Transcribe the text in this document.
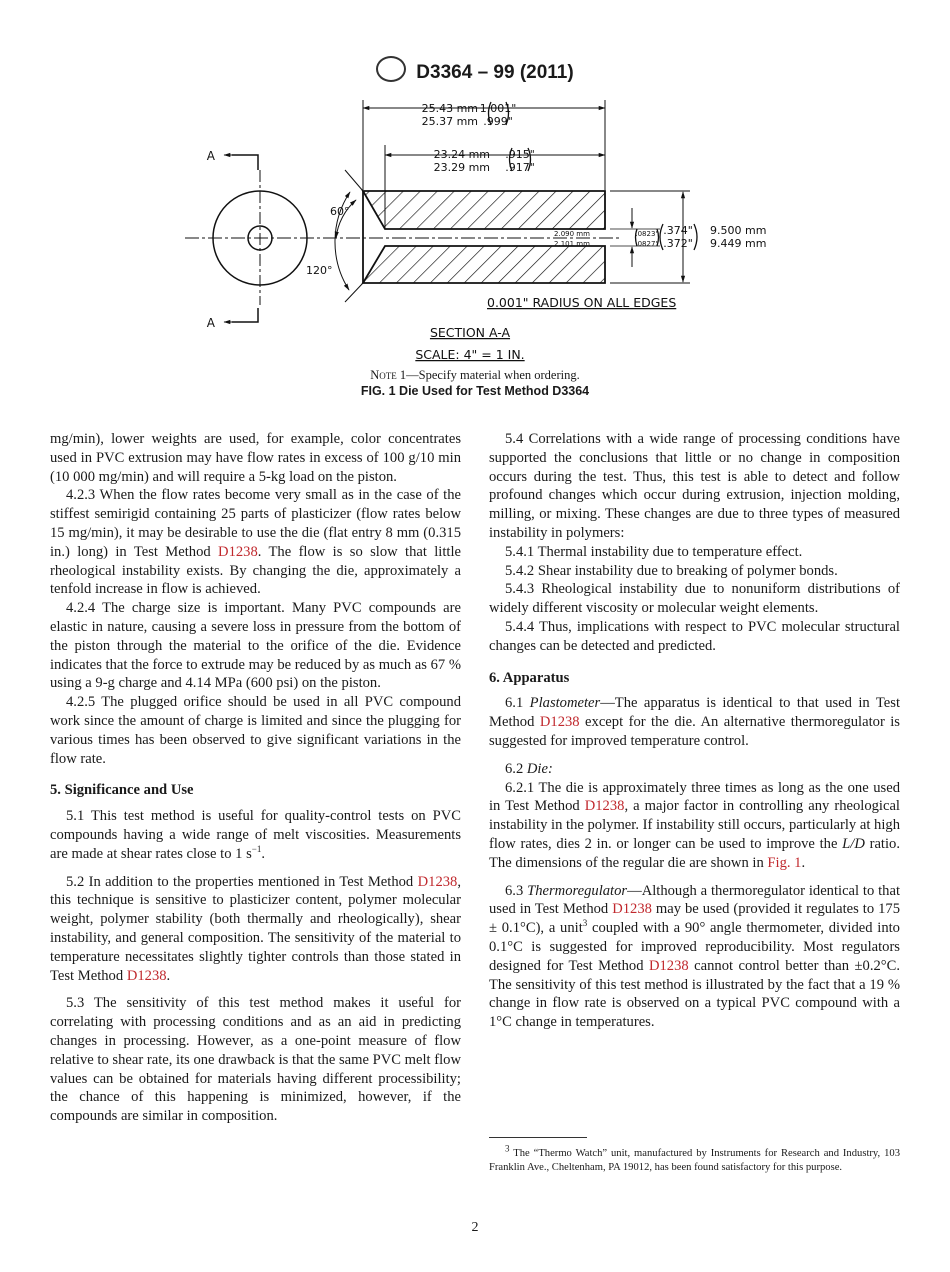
D3364 – 99 (2011)
A
A
25.43 mm
25.37 mm
1.001"
.999"
23.24 mm
23.29 mm
.915"
.917"
2.090 mm
2.101 mm
.0823"
.0827"
.374"
.372"
9.500 mm
9.449 mm
60°
120°
0.001" RADIUS ON ALL EDGES
SECTION A-A
SCALE: 4" = 1 IN.
Note 1—Specify material when ordering.
FIG. 1 Die Used for Test Method D3364

mg/min), lower weights are used, for example, color concentrates used in PVC extrusion may have flow rates in excess of 100 g/10 min (10 000 mg/min) and will require a 5-kg load on the piston.

4.2.3 When the flow rates become very small as in the case of the stiffest semirigid containing 25 parts of plasticizer (flow rates below 15 mg/min), it may be desirable to use the die (flat entry 8 mm (0.315 in.) long) in Test Method D1238. The flow is so slow that little rheological instability exists. By changing the die, approximately a tenfold increase in flow is achieved.

4.2.4 The charge size is important. Many PVC compounds are elastic in nature, causing a severe loss in pressure from the bottom of the piston through the material to the orifice of the die. Evidence indicates that the force to extrude may be reduced by as much as 67 % using a 9-g charge and 4.14 MPa (600 psi) on the piston.

4.2.5 The plugged orifice should be used in all PVC compound work since the amount of charge is limited and since the plugging for various times has been observed to give significant variations in the flow rate.

5. Significance and Use

5.1 This test method is useful for quality-control tests on PVC compounds having a wide range of melt viscosities. Measurements are made at shear rates close to 1 $s^{-1}$.

5.2 In addition to the properties mentioned in Test Method D1238, this technique is sensitive to plasticizer content, polymer molecular weight, polymer stability (both thermally and rheologically), shear instability, and general composition. The sensitivity of the material to temperature necessitates slightly tighter controls than those stated in Test Method D1238.

5.3 The sensitivity of this test method makes it useful for correlating with processing conditions and as an aid in predicting changes in processing. However, as a one-point measure of flow relative to shear rate, its one drawback is that the same PVC melt flow values can be obtained for materials having different processibility; the chance of this happening is minimized, however, if the compounds are similar in composition.

5.4 Correlations with a wide range of processing conditions have supported the conclusions that little or no change in composition occurs during the test. Thus, this test is able to detect and follow profound changes which occur during extrusion, injection molding, milling, or mixing. These changes are due to three types of measured instability in polymers:

5.4.1 Thermal instability due to temperature effect.

5.4.2 Shear instability due to breaking of polymer bonds.

5.4.3 Rheological instability due to nonuniform distributions of widely different viscosity or molecular weight elements.

5.4.4 Thus, implications with respect to PVC molecular structural changes can be detected and predicted.

6. Apparatus

6.1 Plastometer—The apparatus is identical to that used in Test Method D1238 except for the die. An alternative thermoregulator is suggested for improved temperature control.

6.2 Die:

6.2.1 The die is approximately three times as long as the one used in Test Method D1238, a major factor in controlling any rheological instability in the polymer. If instability still occurs, particularly at high flow rates, dies 2 in. or longer can be used to improve the L/D ratio. The dimensions of the regular die are shown in Fig. 1.

6.3 Thermoregulator—Although a thermoregulator identical to that used in Test Method D1238 may be used (provided it regulates to 175 ± 0.1°C), a unit$^3$ coupled with a 90° angle thermometer, divided into 0.1°C is suggested for improved reproducibility. Most regulators designed for Test Method D1238 cannot control better than ±0.2°C. The sensitivity of this test method is illustrated by the fact that a 19 % change in flow rate is observed on a typical PVC compound with a 1°C change in temperatures.

$^3$ The “Thermo Watch” unit, manufactured by Instruments for Research and Industry, 103 Franklin Ave., Cheltenham, PA 19012, has been found satisfactory for this purpose.
2
